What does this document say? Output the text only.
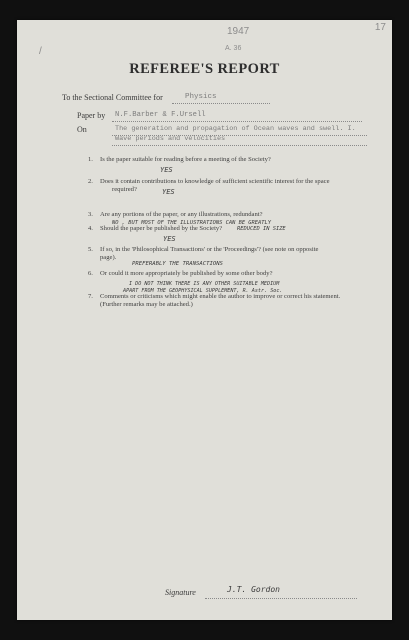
17
/
1947
A. 36
REFEREE'S REPORT
To the Sectional Committee for	Physics
Paper by N.F.Barber & F.Ursell
On	The generation and propagation of Ocean waves and swell. I.
Wave periods and velocities
1. Is the paper suitable for reading before a meeting of the Society?
YES
2. Does it contain contributions to knowledge of sufficient scientific interest for the space
required?	YES
3. Are any portions of the paper, or any illustrations, redundant?
NO , BUT MOST OF THE ILLUSTRATIONS CAN BE GREATLY
REDUCED IN SIZE
4. Should the paper be published by the Society?
YES
5. If so, in the 'Philosophical Transactions' or the 'Proceedings'? (see note on opposite
page).
PREFERABLY THE TRANSACTIONS
6. Or could it more appropriately be published by some other body?
I DO NOT THINK THERE IS ANY OTHER SUITABLE MEDIUM
APART FROM THE GEOPHYSICAL SUPPLEMENT, R. Astr. Soc.
7. Comments or criticisms which might enable the author to improve or correct his statement.
(Further remarks may be attached.)
Signature	J.T. Gordon
